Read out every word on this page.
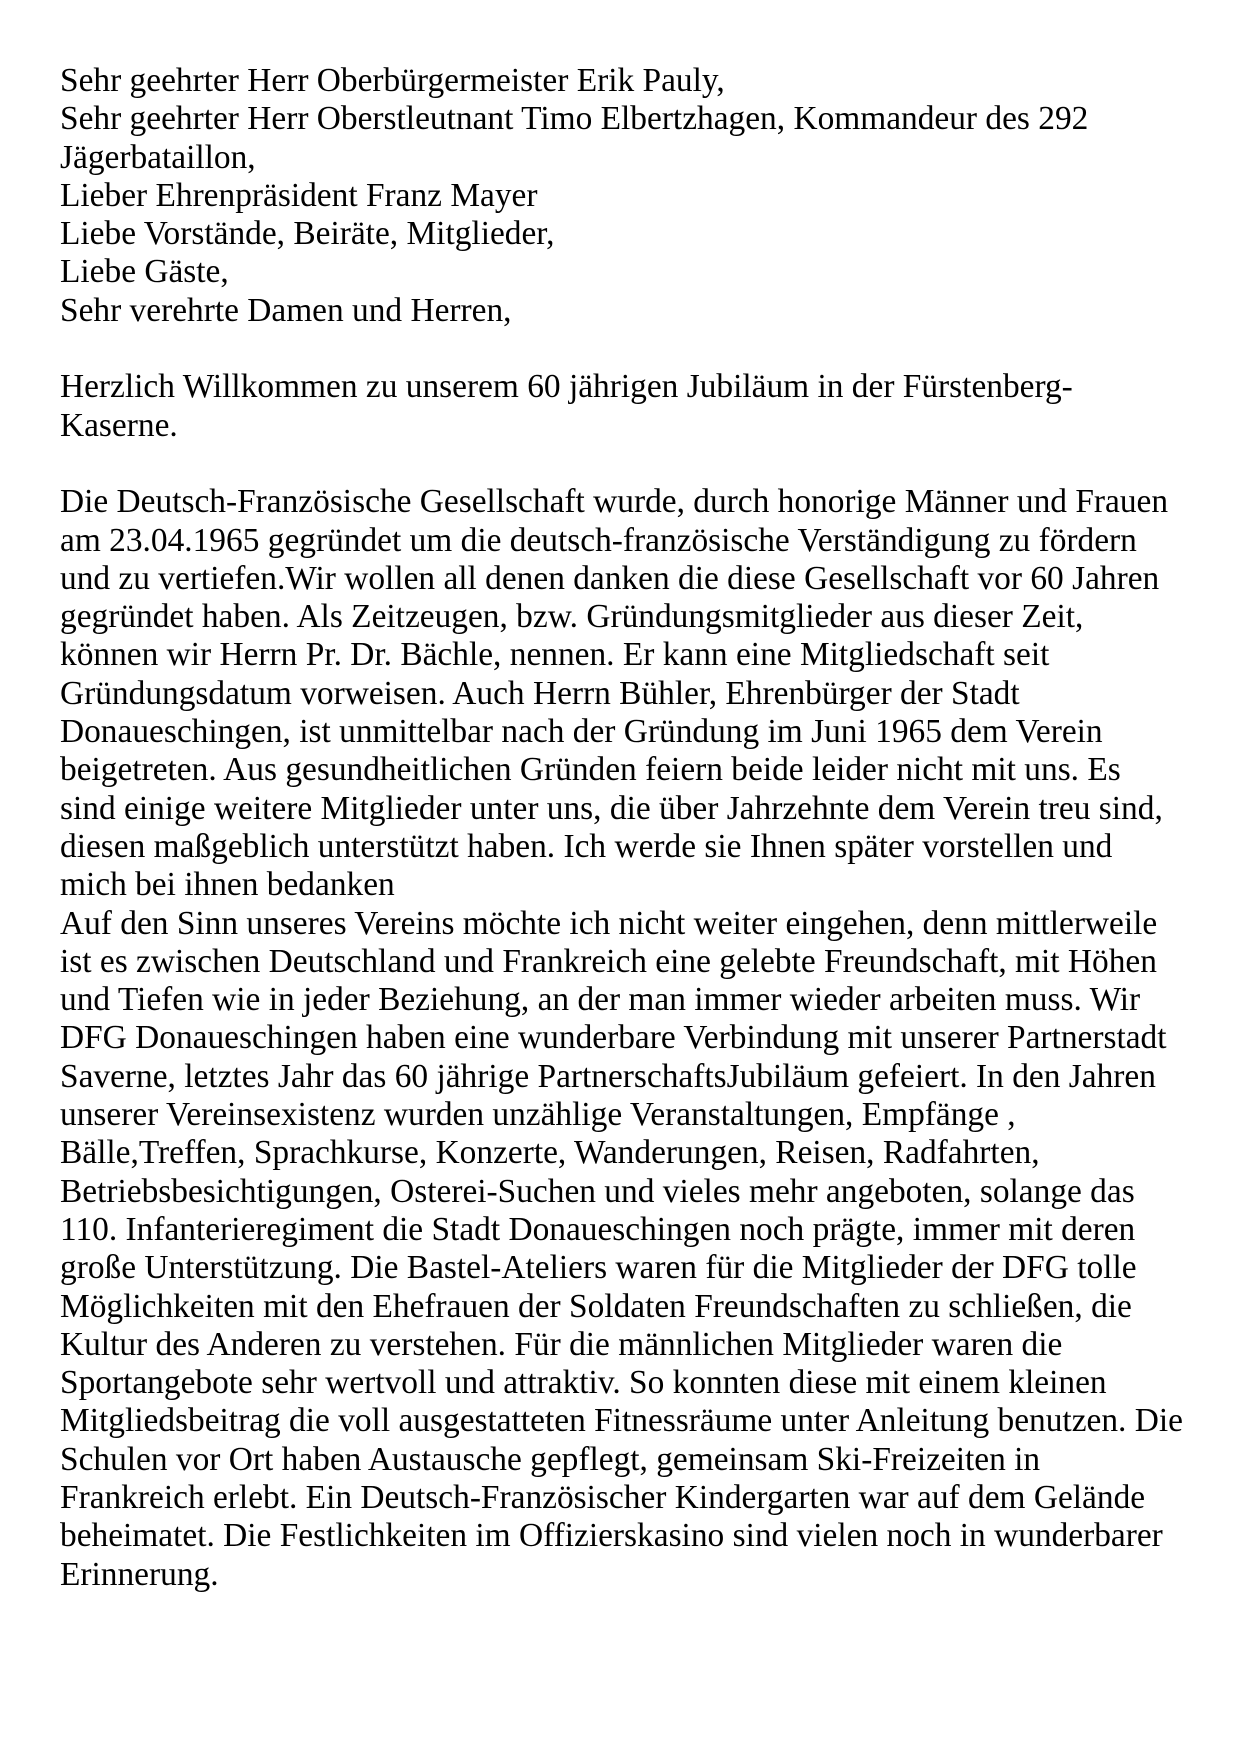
Sehr geehrter Herr Oberbürgermeister Erik Pauly,
Sehr geehrter Herr Oberstleutnant Timo Elbertzhagen, Kommandeur des 292
Jägerbataillon,
Lieber Ehrenpräsident Franz Mayer
Liebe Vorstände, Beiräte, Mitglieder,
Liebe Gäste,
Sehr verehrte Damen und Herren,
Herzlich Willkommen zu unserem 60 jährigen Jubiläum in der Fürstenberg-
Kaserne.
Die Deutsch-Französische Gesellschaft wurde, durch honorige Männer und Frauen
am 23.04.1965 gegründet um die deutsch-französische Verständigung zu fördern
und zu vertiefen.Wir wollen all denen danken die diese Gesellschaft vor 60 Jahren
gegründet haben. Als Zeitzeugen, bzw. Gründungsmitglieder aus dieser Zeit,
können wir Herrn Pr. Dr. Bächle, nennen. Er kann eine Mitgliedschaft seit
Gründungsdatum vorweisen. Auch Herrn Bühler, Ehrenbürger der Stadt
Donaueschingen, ist unmittelbar nach der Gründung im Juni 1965 dem Verein
beigetreten. Aus gesundheitlichen Gründen feiern beide leider nicht mit uns. Es
sind einige weitere Mitglieder unter uns, die über Jahrzehnte dem Verein treu sind,
diesen maßgeblich unterstützt haben. Ich werde sie Ihnen später vorstellen und
mich bei ihnen bedanken
Auf den Sinn unseres Vereins möchte ich nicht weiter eingehen, denn mittlerweile
ist es zwischen Deutschland und Frankreich eine gelebte Freundschaft, mit Höhen
und Tiefen wie in jeder Beziehung, an der man immer wieder arbeiten muss. Wir
DFG Donaueschingen haben eine wunderbare Verbindung mit unserer Partnerstadt
Saverne, letztes Jahr das 60 jährige PartnerschaftsJubiläum gefeiert. In den Jahren
unserer Vereinsexistenz wurden unzählige Veranstaltungen, Empfänge ,
Bälle,Treffen, Sprachkurse, Konzerte, Wanderungen, Reisen, Radfahrten,
Betriebsbesichtigungen, Osterei-Suchen und vieles mehr angeboten, solange das
110. Infanterieregiment die Stadt Donaueschingen noch prägte, immer mit deren
große Unterstützung. Die Bastel-Ateliers waren für die Mitglieder der DFG tolle
Möglichkeiten mit den Ehefrauen der Soldaten Freundschaften zu schließen, die
Kultur des Anderen zu verstehen. Für die männlichen Mitglieder waren die
Sportangebote sehr wertvoll und attraktiv. So konnten diese mit einem kleinen
Mitgliedsbeitrag die voll ausgestatteten Fitnessräume unter Anleitung benutzen. Die
Schulen vor Ort haben Austausche gepflegt, gemeinsam Ski-Freizeiten in
Frankreich erlebt. Ein Deutsch-Französischer Kindergarten war auf dem Gelände
beheimatet. Die Festlichkeiten im Offizierskasino sind vielen noch in wunderbarer
Erinnerung.
